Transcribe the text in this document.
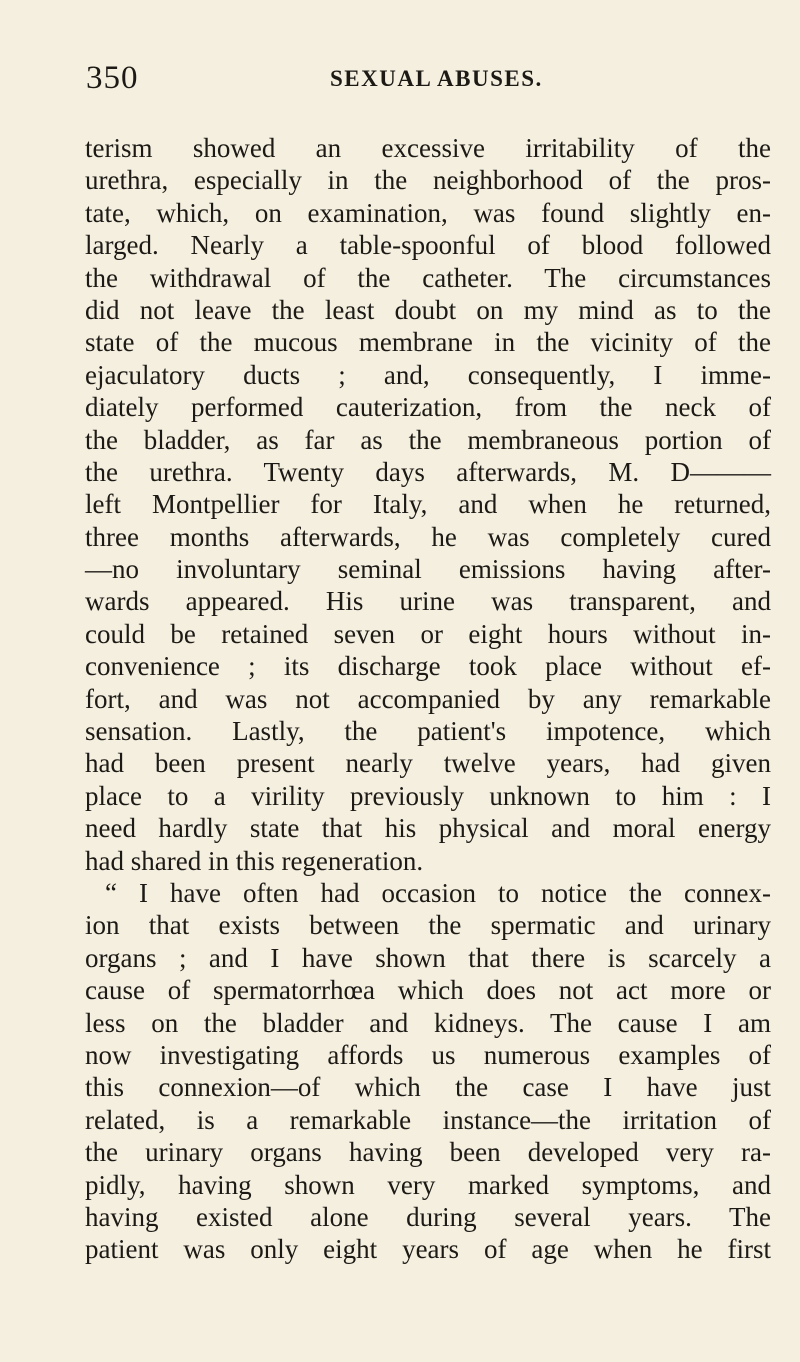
350	SEXUAL ABUSES.
terism showed an excessive irritability of the
urethra, especially in the neighborhood of the pros-
tate, which, on examination, was found slightly en-
larged. Nearly a table-spoonful of blood followed
the withdrawal of the catheter. The circumstances
did not leave the least doubt on my mind as to the
state of the mucous membrane in the vicinity of the
ejaculatory ducts ; and, consequently, I imme-
diately performed cauterization, from the neck of
the bladder, as far as the membraneous portion of
the urethra. Twenty days afterwards, M. D———
left Montpellier for Italy, and when he returned,
three months afterwards, he was completely cured
—no involuntary seminal emissions having after-
wards appeared. His urine was transparent, and
could be retained seven or eight hours without in-
convenience ; its discharge took place without ef-
fort, and was not accompanied by any remarkable
sensation. Lastly, the patient's impotence, which
had been present nearly twelve years, had given
place to a virility previously unknown to him : I
need hardly state that his physical and moral energy
had shared in this regeneration.
“ I have often had occasion to notice the connex-
ion that exists between the spermatic and urinary
organs ; and I have shown that there is scarcely a
cause of spermatorrhœa which does not act more or
less on the bladder and kidneys. The cause I am
now investigating affords us numerous examples of
this connexion—of which the case I have just
related, is a remarkable instance—the irritation of
the urinary organs having been developed very ra-
pidly, having shown very marked symptoms, and
having existed alone during several years. The
patient was only eight years of age when he first
